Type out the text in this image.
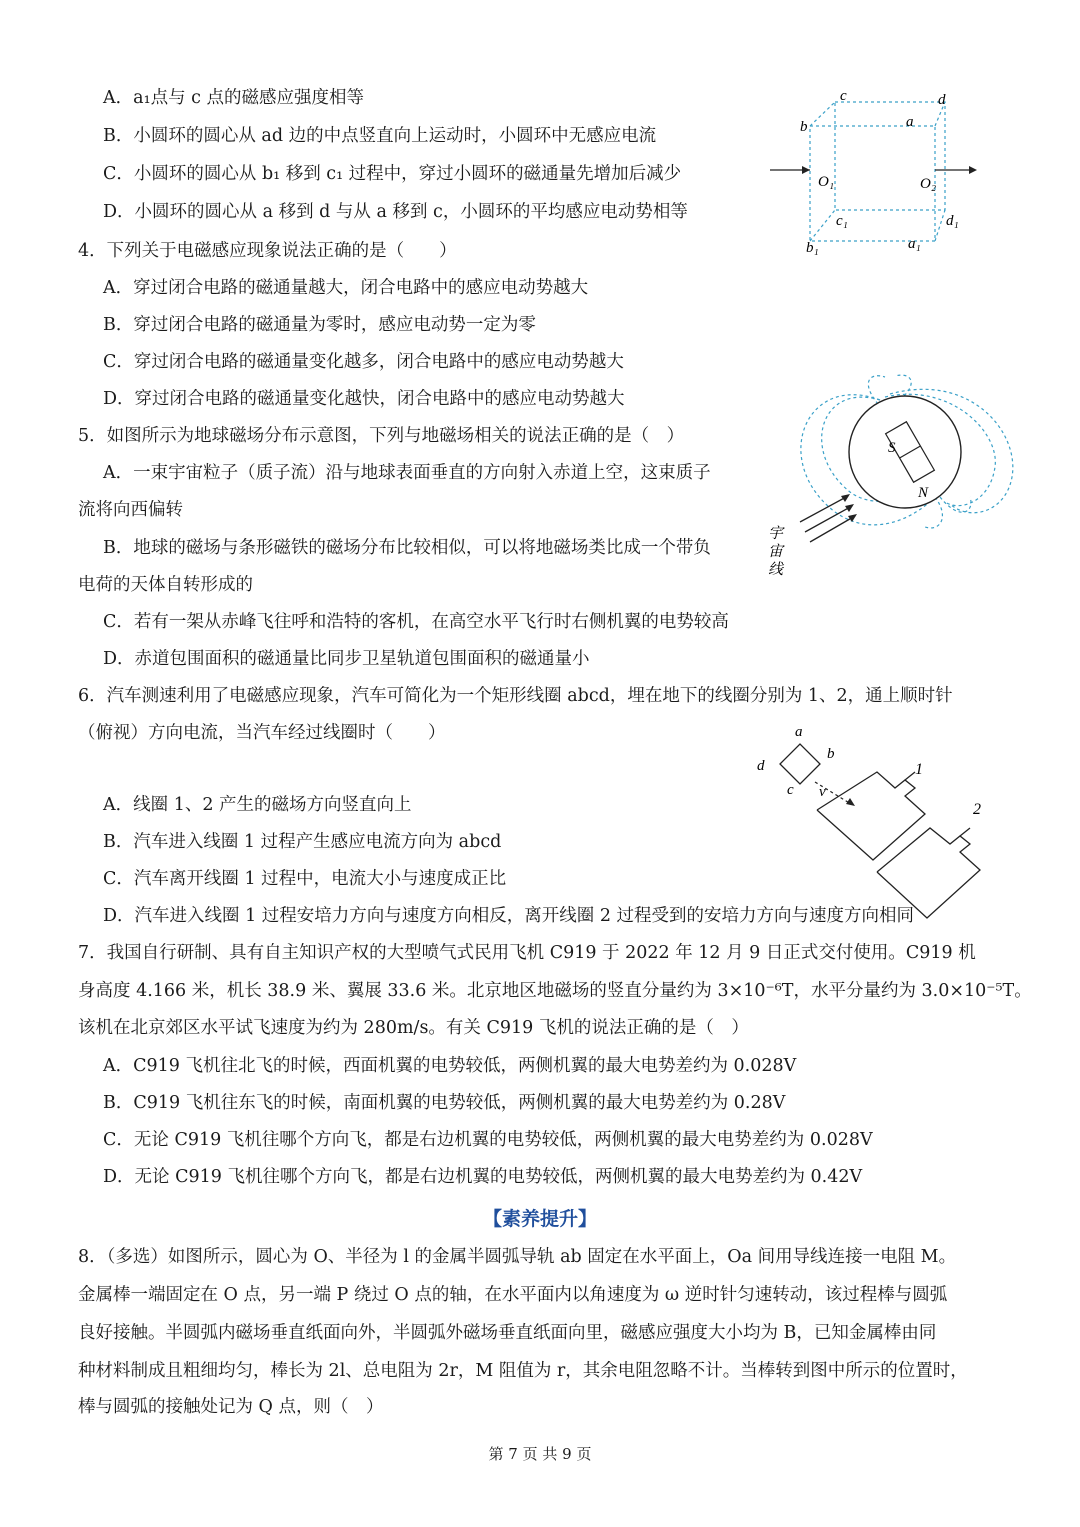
A．a₁点与 c 点的磁感应强度相等
B．小圆环的圆心从 ad 边的中点竖直向上运动时，小圆环中无感应电流
C．小圆环的圆心从 b₁ 移到 c₁ 过程中，穿过小圆环的磁通量先增加后减少
D．小圆环的圆心从 a 移到 d 与从 a 移到 c，小圆环的平均感应电动势相等
4．下列关于电磁感应现象说法正确的是（　　）
A．穿过闭合电路的磁通量越大，闭合电路中的感应电动势越大
B．穿过闭合电路的磁通量为零时，感应电动势一定为零
C．穿过闭合电路的磁通量变化越多，闭合电路中的感应电动势越大
D．穿过闭合电路的磁通量变化越快，闭合电路中的感应电动势越大
5．如图所示为地球磁场分布示意图，下列与地磁场相关的说法正确的是（　）
A．一束宇宙粒子（质子流）沿与地球表面垂直的方向射入赤道上空，这束质子
流将向西偏转
B．地球的磁场与条形磁铁的磁场分布比较相似，可以将地磁场类比成一个带负
电荷的天体自转形成的
C．若有一架从赤峰飞往呼和浩特的客机，在高空水平飞行时右侧机翼的电势较高
D．赤道包围面积的磁通量比同步卫星轨道包围面积的磁通量小
6．汽车测速利用了电磁感应现象，汽车可简化为一个矩形线圈 abcd，埋在地下的线圈分别为 1、2，通上顺时针
（俯视）方向电流，当汽车经过线圈时（　　）
A．线圈 1、2 产生的磁场方向竖直向上
B．汽车进入线圈 1 过程产生感应电流方向为 abcd
C．汽车离开线圈 1 过程中，电流大小与速度成正比
D．汽车进入线圈 1 过程安培力方向与速度方向相反，离开线圈 2 过程受到的安培力方向与速度方向相同
7．我国自行研制、具有自主知识产权的大型喷气式民用飞机 C919 于 2022 年 12 月 9 日正式交付使用。C919 机
身高度 4.166 米，机长 38.9 米、翼展 33.6 米。北京地区地磁场的竖直分量约为 3×10⁻⁶T，水平分量约为 3.0×10⁻⁵T。
该机在北京郊区水平试飞速度为约为 280m/s。有关 C919 飞机的说法正确的是（　）
A．C919 飞机往北飞的时候，西面机翼的电势较低，两侧机翼的最大电势差约为 0.028V
B．C919 飞机往东飞的时候，南面机翼的电势较低，两侧机翼的最大电势差约为 0.28V
C．无论 C919 飞机往哪个方向飞，都是右边机翼的电势较低，两侧机翼的最大电势差约为 0.028V
D．无论 C919 飞机往哪个方向飞，都是右边机翼的电势较低，两侧机翼的最大电势差约为 0.42V
【素养提升】
8．（多选）如图所示，圆心为 O、半径为 l 的金属半圆弧导轨 ab 固定在水平面上，Oa 间用导线连接一电阻 M。
金属棒一端固定在 O 点，另一端 P 绕过 O 点的轴，在水平面内以角速度为 ω 逆时针匀速转动，该过程棒与圆弧
良好接触。半圆弧内磁场垂直纸面向外，半圆弧外磁场垂直纸面向里，磁感应强度大小均为 B，已知金属棒由同
种材料制成且粗细均匀，棒长为 2l、总电阻为 2r，M 阻值为 r，其余电阻忽略不计。当棒转到图中所示的位置时，
棒与圆弧的接触处记为 Q 点，则（　）
第 7 页 共 9 页
c	d
b	a
O₁	O₂
c₁	d₁
b₁	a₁
S
N
宇
宙
线
a
b
c
d
v
1
2
